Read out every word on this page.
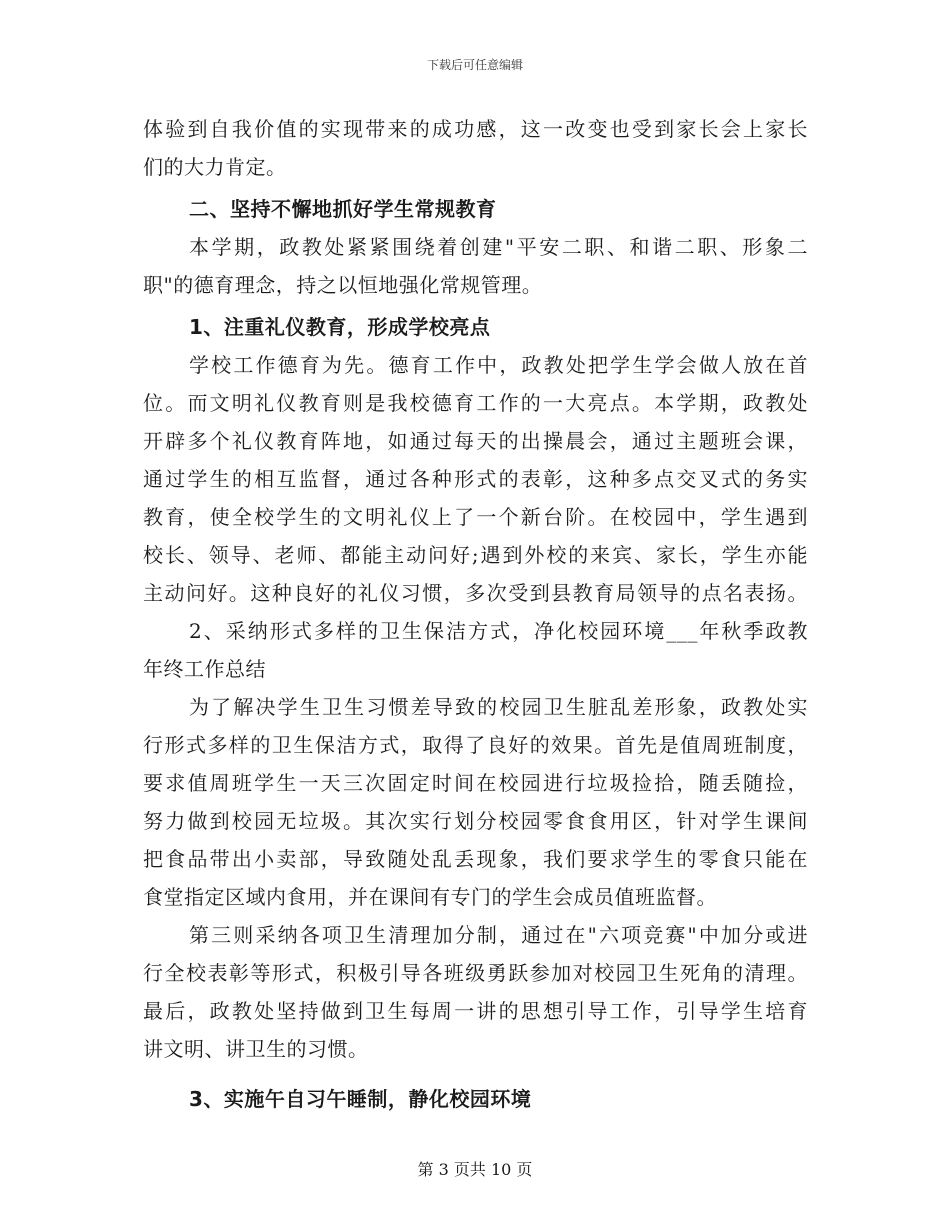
下载后可任意编辑
体验到自我价值的实现带来的成功感，这一改变也受到家长会上家长
们的大力肯定。
二、坚持不懈地抓好学生常规教育
本学期，政教处紧紧围绕着创建"平安二职、和谐二职、形象二
职"的德育理念，持之以恒地强化常规管理。
1、注重礼仪教育，形成学校亮点
学校工作德育为先。德育工作中，政教处把学生学会做人放在首
位。而文明礼仪教育则是我校德育工作的一大亮点。本学期，政教处
开辟多个礼仪教育阵地，如通过每天的出操晨会，通过主题班会课，
通过学生的相互监督，通过各种形式的表彰，这种多点交叉式的务实
教育，使全校学生的文明礼仪上了一个新台阶。在校园中，学生遇到
校长、领导、老师、都能主动问好;遇到外校的来宾、家长，学生亦能
主动问好。这种良好的礼仪习惯，多次受到县教育局领导的点名表扬。
2、采纳形式多样的卫生保洁方式，净化校园环境___年秋季政教
年终工作总结
为了解决学生卫生习惯差导致的校园卫生脏乱差形象，政教处实
行形式多样的卫生保洁方式，取得了良好的效果。首先是值周班制度，
要求值周班学生一天三次固定时间在校园进行垃圾捡拾，随丢随捡，
努力做到校园无垃圾。其次实行划分校园零食食用区，针对学生课间
把食品带出小卖部，导致随处乱丢现象，我们要求学生的零食只能在
食堂指定区域内食用，并在课间有专门的学生会成员值班监督。
第三则采纳各项卫生清理加分制，通过在"六项竞赛"中加分或进
行全校表彰等形式，积极引导各班级勇跃参加对校园卫生死角的清理。
最后，政教处坚持做到卫生每周一讲的思想引导工作，引导学生培育
讲文明、讲卫生的习惯。
3、实施午自习午睡制，静化校园环境
第 3 页共 10 页
